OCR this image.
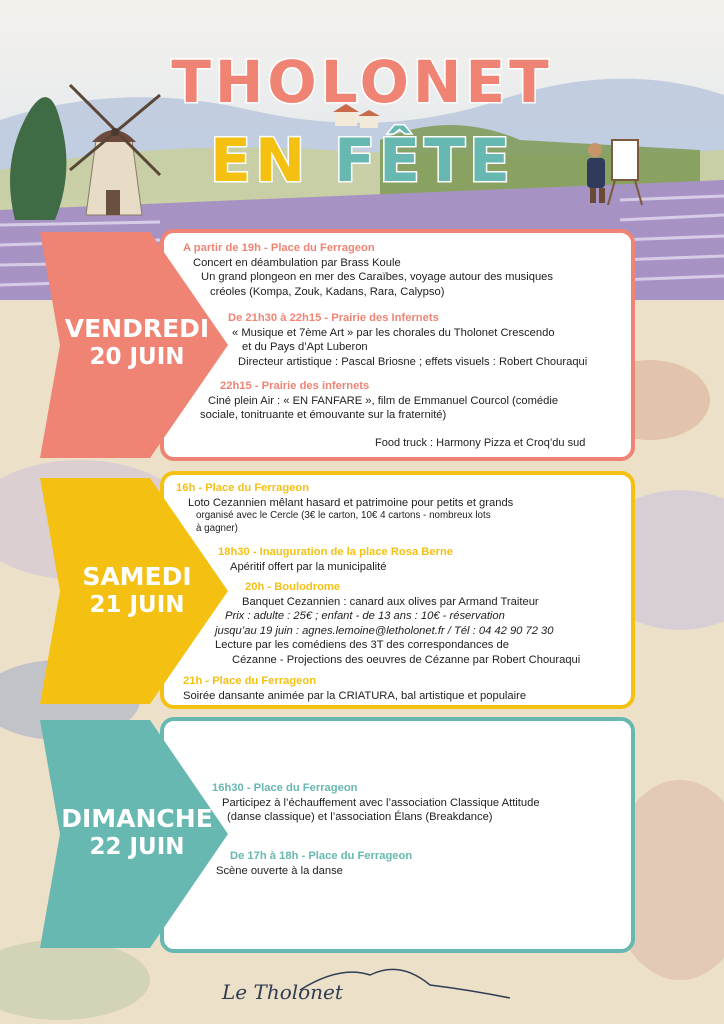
THOLONET
EN FÊTE
VENDREDI
20 JUIN
A partir de 19h - Place du Ferrageon
Concert en déambulation par Brass Koule
Un grand plongeon en mer des Caraïbes, voyage autour des musiques
créoles (Kompa, Zouk, Kadans, Rara, Calypso)
De 21h30 à 22h15 - Prairie des Infernets
« Musique et 7ème Art » par les chorales du Tholonet Crescendo
et du Pays d’Apt Luberon
Directeur artistique : Pascal Briosne ; effets visuels : Robert Chouraqui
22h15 - Prairie des infernets
Ciné plein Air : « EN FANFARE », film de Emmanuel Courcol (comédie
sociale, tonitruante et émouvante sur la fraternité)
Food truck : Harmony Pizza et Croq’du sud
SAMEDI
21 JUIN
16h - Place du Ferrageon
Loto Cezannien mêlant hasard et patrimoine pour petits et grands
organisé avec le Cercle (3€ le carton, 10€ 4 cartons - nombreux lots
à gagner)
18h30 - Inauguration de la place Rosa Berne
Apéritif offert par la municipalité
20h - Boulodrome
Banquet Cezannien : canard aux olives par Armand Traiteur
Prix : adulte : 25€ ; enfant - de 13 ans : 10€ - réservation
jusqu’au 19 juin : agnes.lemoine@letholonet.fr / Tél : 04 42 90 72 30
Lecture par les comédiens des 3T des correspondances de
Cézanne - Projections des oeuvres de Cézanne par Robert Chouraqui
21h - Place du Ferrageon
Soirée dansante animée par la CRIATURA, bal artistique et populaire
DIMANCHE
22 JUIN
16h30 - Place du Ferrageon
Participez à l’échauffement avec l’association Classique Attitude
(danse classique) et l’association Élans (Breakdance)
De 17h à 18h - Place du Ferrageon
Scène ouverte à la danse
Le Tholonet
